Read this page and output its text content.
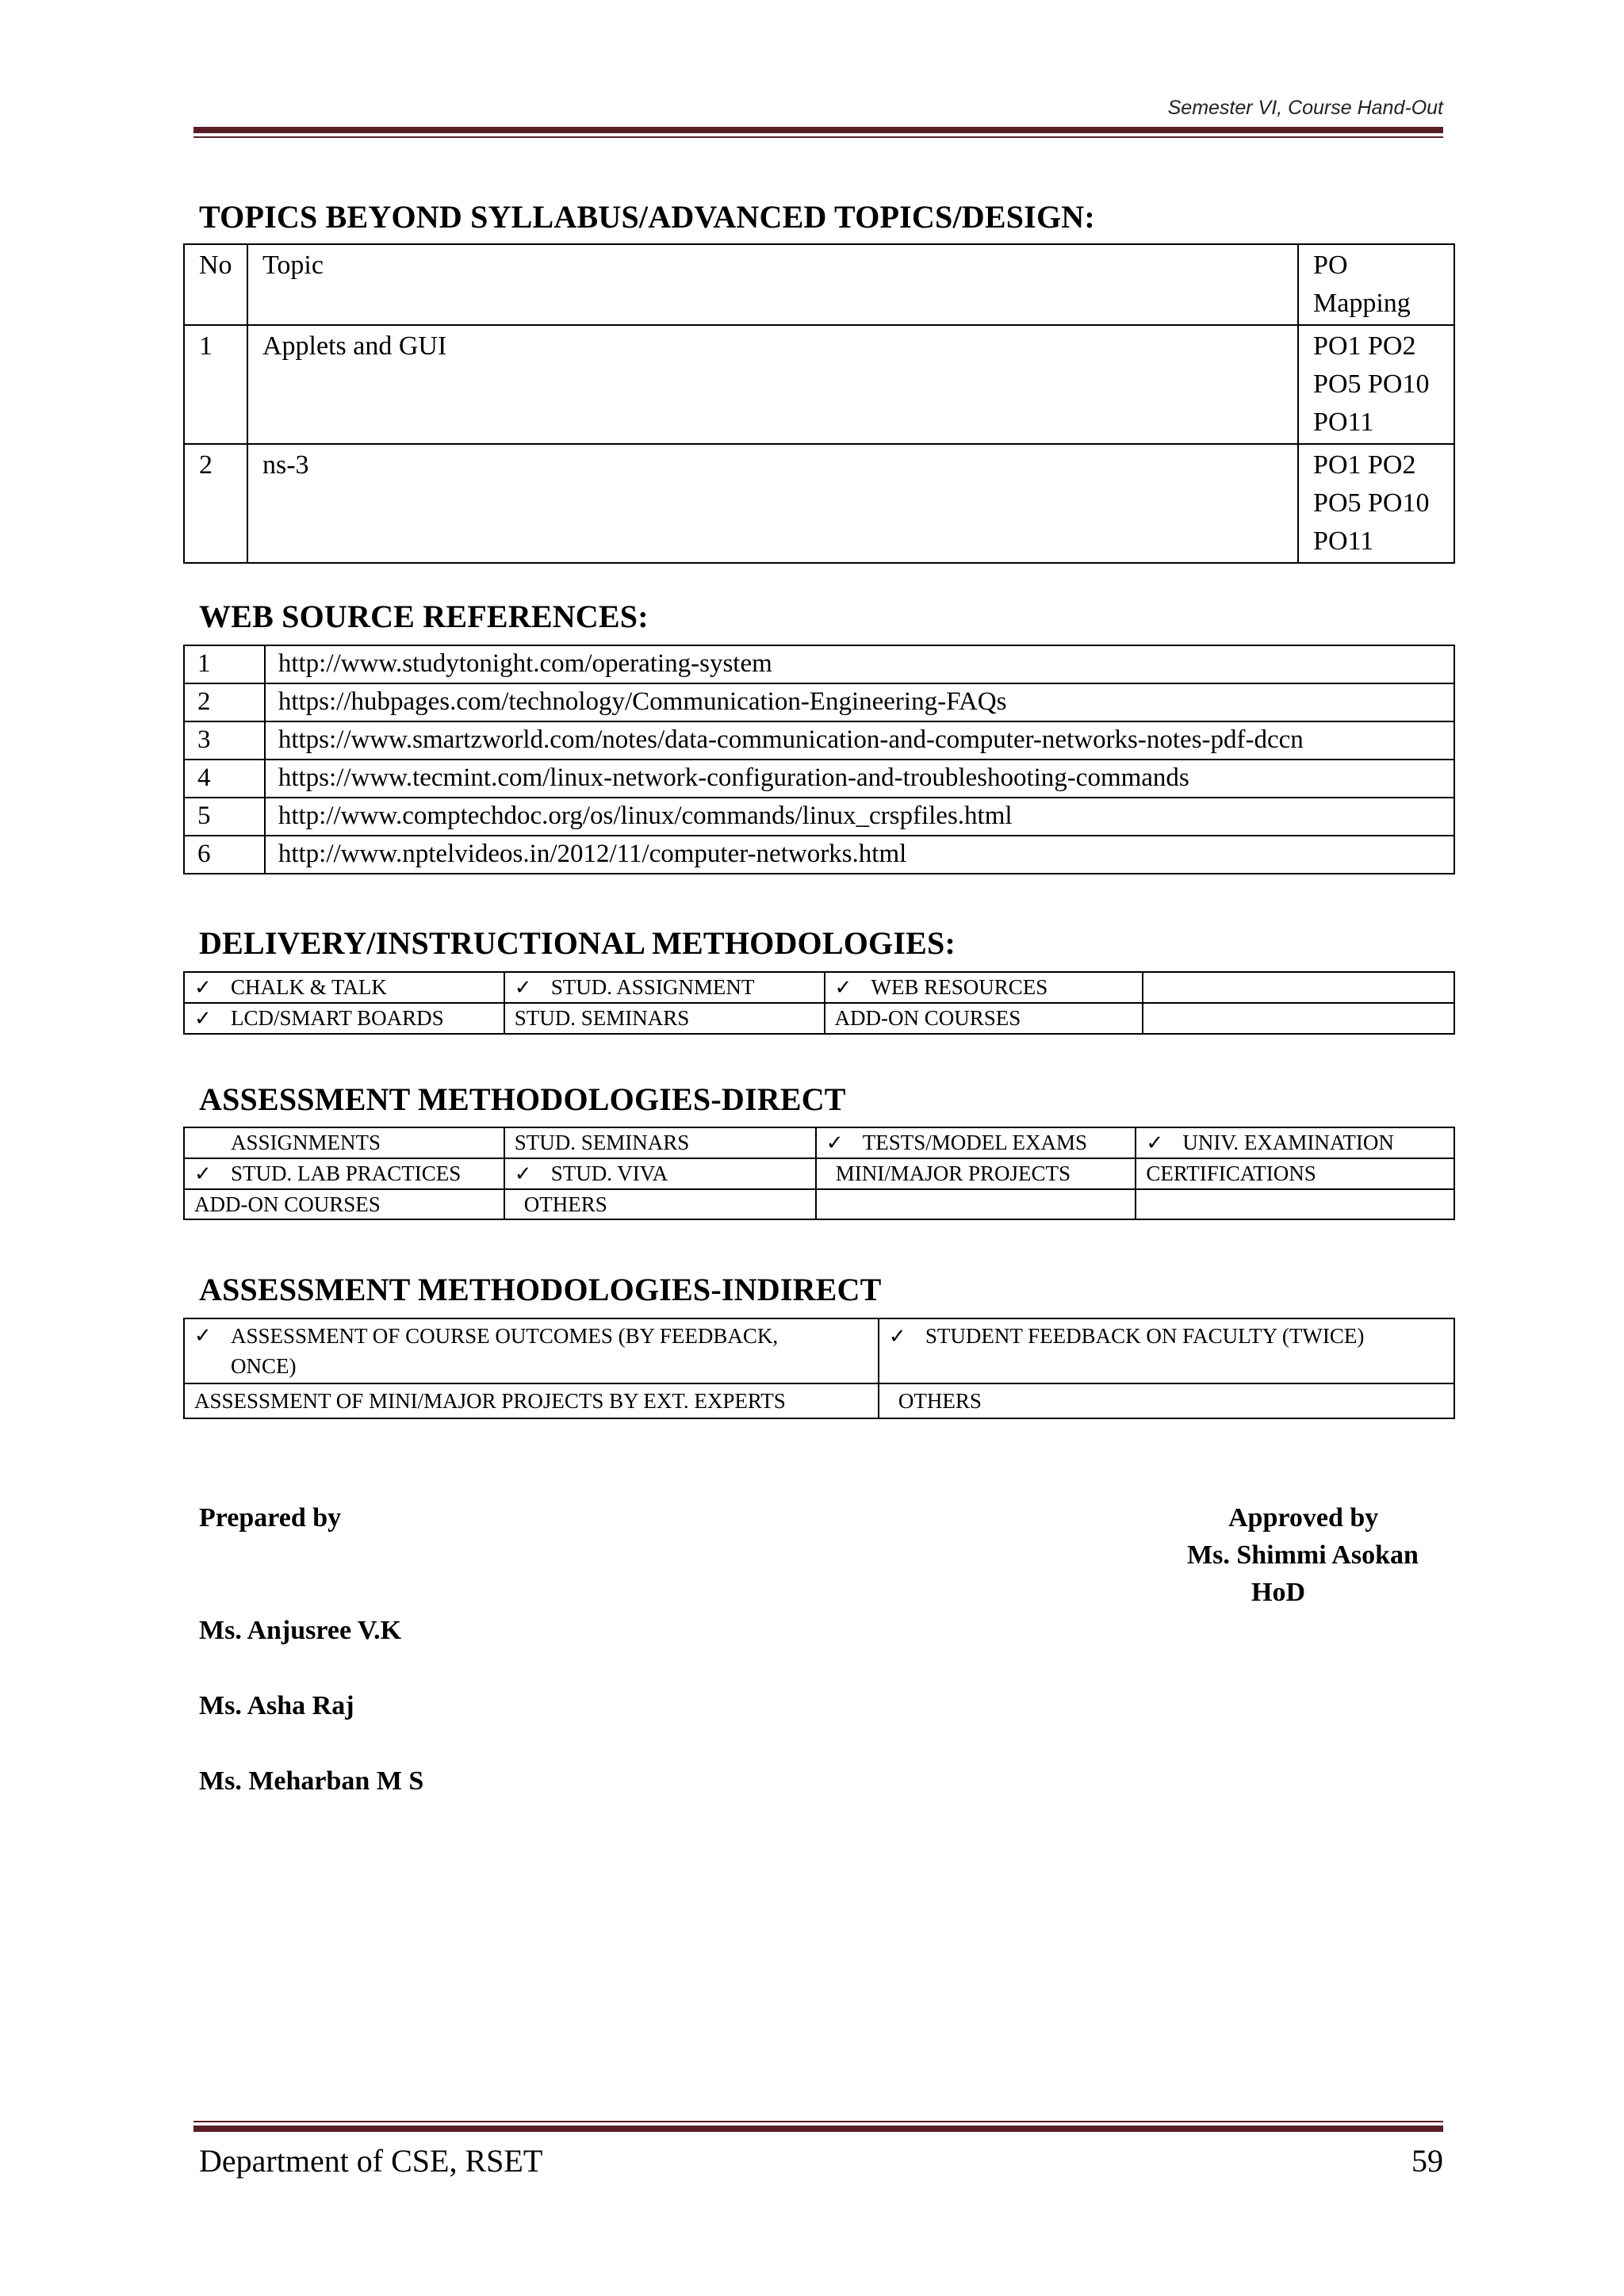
Semester VI, Course Hand-Out
TOPICS BEYOND SYLLABUS/ADVANCED TOPICS/DESIGN:
No	Topic	PO Mapping
1	Applets and GUI	PO1 PO2 PO5 PO10 PO11
2	ns-3	PO1 PO2 PO5 PO10 PO11
WEB SOURCE REFERENCES:
1	http://www.studytonight.com/operating-system
2	https://hubpages.com/technology/Communication-Engineering-FAQs
3	https://www.smartzworld.com/notes/data-communication-and-computer-networks-notes-pdf-dccn
4	https://www.tecmint.com/linux-network-configuration-and-troubleshooting-commands
5	http://www.comptechdoc.org/os/linux/commands/linux_crspfiles.html
6	http://www.nptelvideos.in/2012/11/computer-networks.html
DELIVERY/INSTRUCTIONAL METHODOLOGIES:
✓ CHALK & TALK	✓ STUD. ASSIGNMENT	✓ WEB RESOURCES	
✓ LCD/SMART BOARDS	STUD. SEMINARS	ADD-ON COURSES	
ASSESSMENT METHODOLOGIES-DIRECT
ASSIGNMENTS	STUD. SEMINARS	✓ TESTS/MODEL EXAMS	✓ UNIV. EXAMINATION
✓ STUD. LAB PRACTICES	✓ STUD. VIVA	MINI/MAJOR PROJECTS	CERTIFICATIONS
ADD-ON COURSES	OTHERS		
ASSESSMENT METHODOLOGIES-INDIRECT
✓ ASSESSMENT OF COURSE OUTCOMES (BY FEEDBACK, ONCE)	✓ STUDENT FEEDBACK ON FACULTY (TWICE)
ASSESSMENT OF MINI/MAJOR PROJECTS BY EXT. EXPERTS	OTHERS
Prepared by	Approved by
Ms. Shimmi Asokan
HoD
Ms. Anjusree V.K
Ms. Asha Raj
Ms. Meharban M S
Department of CSE, RSET	59
